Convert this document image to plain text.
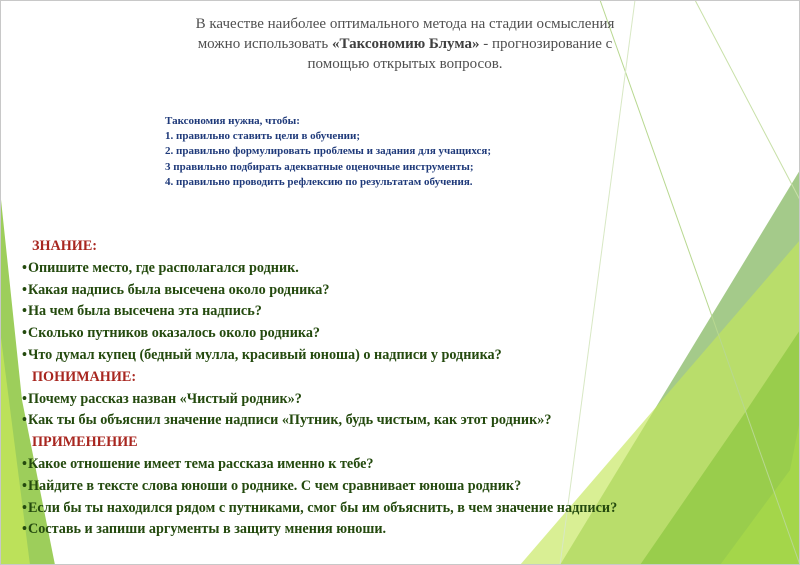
В качестве наиболее оптимального метода на стадии осмысления
можно использовать «Таксономию Блума» - прогнозирование с
помощью открытых вопросов.
Таксономия нужна, чтобы:
1. правильно ставить цели в обучении;
2. правильно формулировать проблемы и задания для учащихся;
3 правильно подбирать адекватные оценочные инструменты;
4. правильно проводить рефлексию по результатам обучения.
ЗНАНИЕ:
• Опишите место, где располагался родник.
• Какая надпись была высечена около родника?
• На чем была высечена эта надпись?
• Сколько путников оказалось около родника?
• Что думал купец (бедный мулла, красивый юноша) о надписи у родника?
ПОНИМАНИЕ:
• Почему рассказ назван «Чистый родник»?
• Как ты бы объяснил значение надписи «Путник, будь чистым, как этот родник»?
ПРИМЕНЕНИЕ
• Какое отношение имеет тема рассказа именно к тебе?
• Найдите в тексте слова юноши о роднике. С чем сравнивает юноша родник?
• Если бы ты находился рядом с путниками, смог бы им объяснить, в чем значение надписи?
• Составь и запиши аргументы в защиту мнения юноши.
